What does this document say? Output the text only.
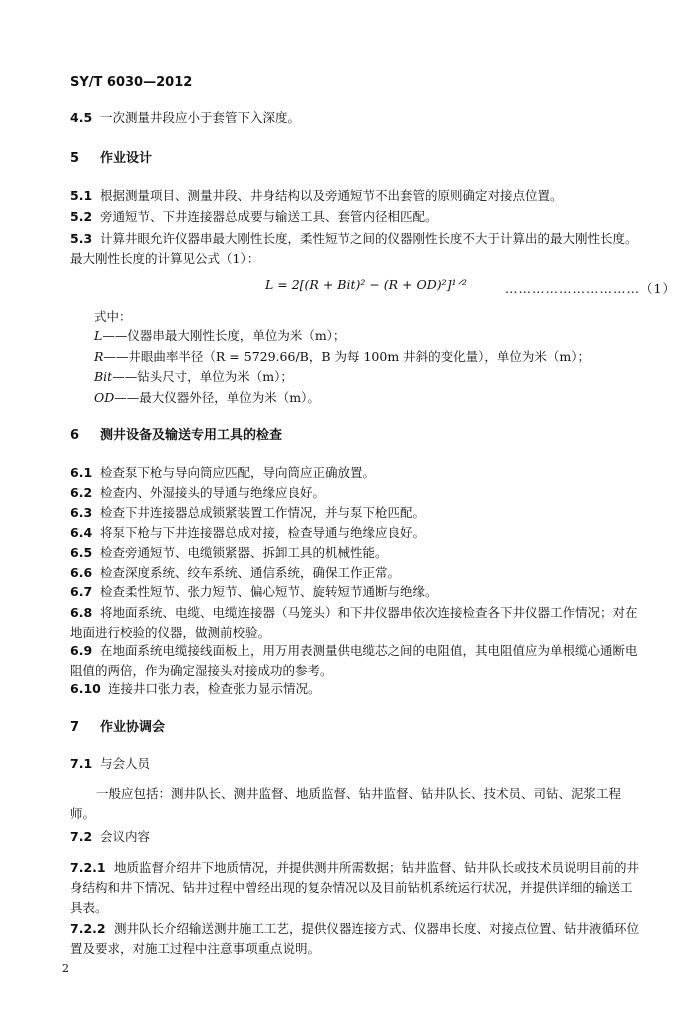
SY/T 6030—2012
4.5 一次测量井段应小于套管下入深度。
5 作业设计
5.1 根据测量项目、测量井段、井身结构以及旁通短节不出套管的原则确定对接点位置。
5.2 旁通短节、下井连接器总成要与输送工具、套管内径相匹配。
5.3 计算井眼允许仪器串最大刚性长度，柔性短节之间的仪器刚性长度不大于计算出的最大刚性长度。最大刚性长度的计算见公式（1）：
L = 2[(R + Bit)² − (R + OD)²]¹ᐟ²	…………………………（1）
式中：
L——仪器串最大刚性长度，单位为米（m）；
R——井眼曲率半径（R = 5729.66/B，B 为每 100m 井斜的变化量），单位为米（m）；
Bit——钻头尺寸，单位为米（m）；
OD——最大仪器外径，单位为米（m）。
6 测井设备及输送专用工具的检查
6.1 检查泵下枪与导向筒应匹配，导向筒应正确放置。
6.2 检查内、外湿接头的导通与绝缘应良好。
6.3 检查下井连接器总成锁紧装置工作情况，并与泵下枪匹配。
6.4 将泵下枪与下井连接器总成对接，检查导通与绝缘应良好。
6.5 检查旁通短节、电缆锁紧器、拆卸工具的机械性能。
6.6 检查深度系统、绞车系统、通信系统，确保工作正常。
6.7 检查柔性短节、张力短节、偏心短节、旋转短节通断与绝缘。
6.8 将地面系统、电缆、电缆连接器（马笼头）和下井仪器串依次连接检查各下井仪器工作情况；对在地面进行校验的仪器，做测前校验。
6.9 在地面系统电缆接线面板上，用万用表测量供电缆芯之间的电阻值，其电阻值应为单根缆心通断电阻值的两倍，作为确定湿接头对接成功的参考。
6.10 连接井口张力表，检查张力显示情况。
7 作业协调会
7.1 与会人员
一般应包括：测井队长、测井监督、地质监督、钻井监督、钻井队长、技术员、司钻、泥浆工程师。
7.2 会议内容
7.2.1 地质监督介绍井下地质情况，并提供测井所需数据；钻井监督、钻井队长或技术员说明目前的井身结构和井下情况、钻井过程中曾经出现的复杂情况以及目前钻机系统运行状况，并提供详细的输送工具表。
7.2.2 测井队长介绍输送测井施工工艺，提供仪器连接方式、仪器串长度、对接点位置、钻井液循环位置及要求，对施工过程中注意事项重点说明。
2
